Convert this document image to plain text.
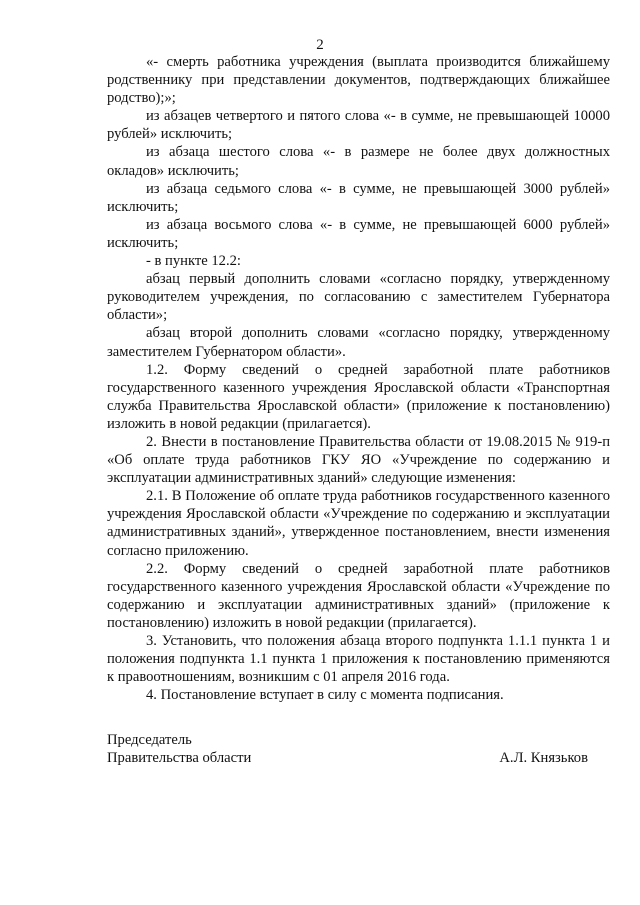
2

«- смерть работника учреждения (выплата производится ближайшему родственнику при представлении документов, подтверждающих ближайшее родство);»;

из абзацев четвертого и пятого слова «- в сумме, не превышающей 10000 рублей» исключить;

из абзаца шестого слова «- в размере не более двух должностных окладов» исключить;

из абзаца седьмого слова «- в сумме, не превышающей 3000 рублей» исключить;

из абзаца восьмого слова «- в сумме, не превышающей 6000 рублей» исключить;

- в пункте 12.2:

абзац первый дополнить словами «согласно порядку, утвержденному руководителем учреждения, по согласованию с заместителем Губернатора области»;

абзац второй дополнить словами «согласно порядку, утвержденному заместителем Губернатором области».

1.2. Форму сведений о средней заработной плате работников государственного казенного учреждения Ярославской области «Транспортная служба Правительства Ярославской области» (приложение к постановлению) изложить в новой редакции (прилагается).

2. Внести в постановление Правительства области от 19.08.2015 № 919-п «Об оплате труда работников ГКУ ЯО «Учреждение по содержанию и эксплуатации административных зданий» следующие изменения:

2.1. В Положение об оплате труда работников государственного казенного учреждения Ярославской области «Учреждение по содержанию и эксплуатации административных зданий», утвержденное постановлением, внести изменения согласно приложению.

2.2. Форму сведений о средней заработной плате работников государственного казенного учреждения Ярославской области «Учреждение по содержанию и эксплуатации административных зданий» (приложение к постановлению) изложить в новой редакции (прилагается).

3. Установить, что положения абзаца второго подпункта 1.1.1 пункта 1 и положения подпункта 1.1 пункта 1 приложения к постановлению применяются к правоотношениям, возникшим с 01 апреля 2016 года.

4. Постановление вступает в силу с момента подписания.

Председатель
Правительства области	А.Л. Князьков
